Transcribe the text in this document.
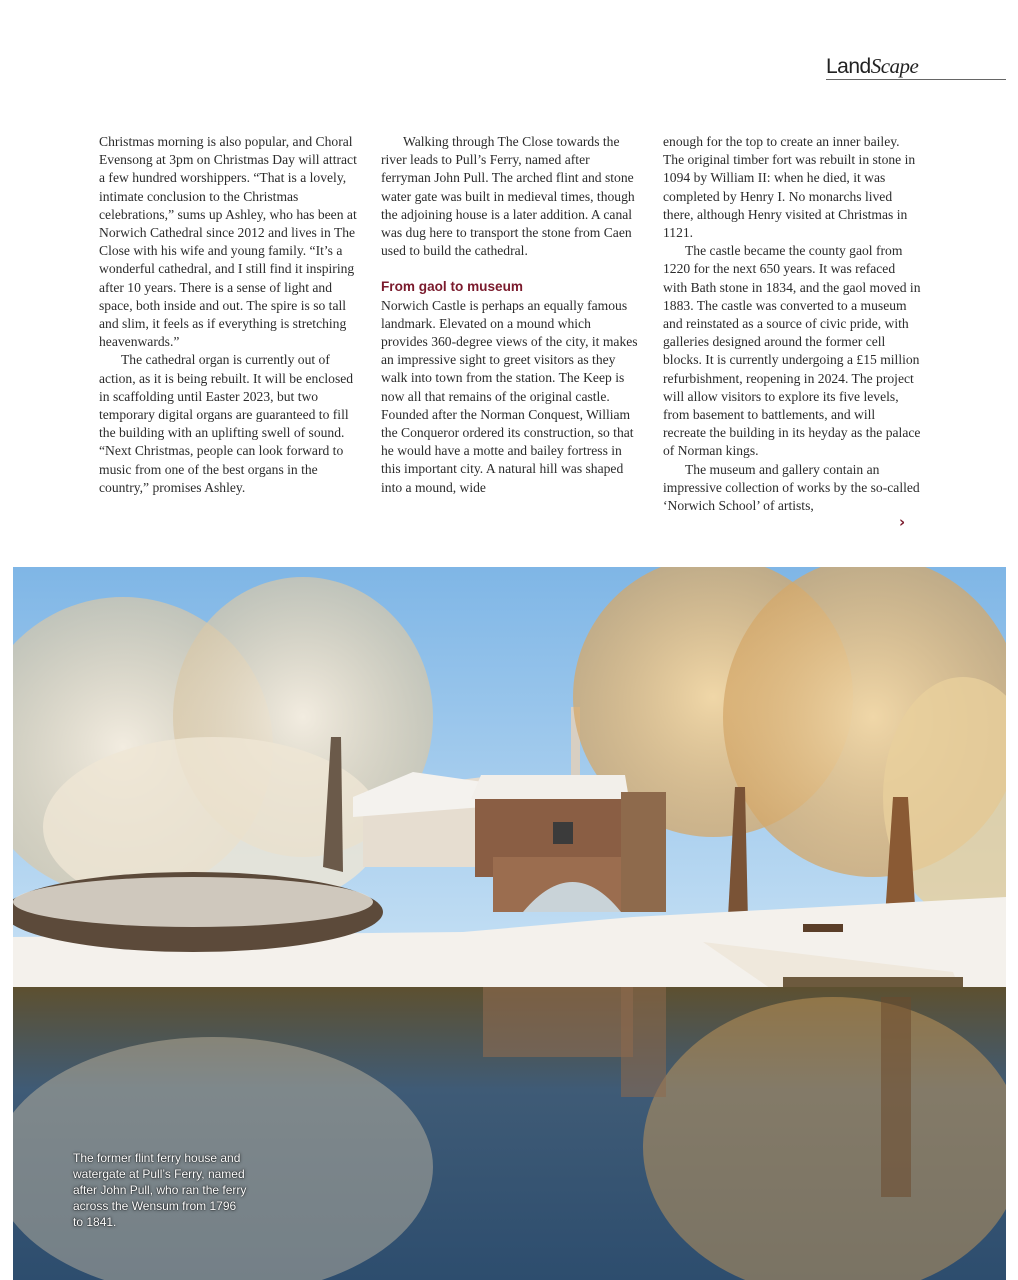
LandScape

Christmas morning is also popular, and Choral Evensong at 3pm on Christmas Day will attract a few hundred worshippers. “That is a lovely, intimate conclusion to the Christmas celebrations,” sums up Ashley, who has been at Norwich Cathedral since 2012 and lives in The Close with his wife and young family. “It’s a wonderful cathedral, and I still find it inspiring after 10 years. There is a sense of light and space, both inside and out. The spire is so tall and slim, it feels as if everything is stretching heavenwards.”

The cathedral organ is currently out of action, as it is being rebuilt. It will be enclosed in scaffolding until Easter 2023, but two temporary digital organs are guaranteed to fill the building with an uplifting swell of sound. “Next Christmas, people can look forward to music from one of the best organs in the country,” promises Ashley.

Walking through The Close towards the river leads to Pull’s Ferry, named after ferryman John Pull. The arched flint and stone water gate was built in medieval times, though the adjoining house is a later addition. A canal was dug here to transport the stone from Caen used to build the cathedral.

From gaol to museum

Norwich Castle is perhaps an equally famous landmark. Elevated on a mound which provides 360-degree views of the city, it makes an impressive sight to greet visitors as they walk into town from the station. The Keep is now all that remains of the original castle. Founded after the Norman Conquest, William the Conqueror ordered its construction, so that he would have a motte and bailey fortress in this important city. A natural hill was shaped into a mound, wide

enough for the top to create an inner bailey. The original timber fort was rebuilt in stone in 1094 by William II: when he died, it was completed by Henry I. No monarchs lived there, although Henry visited at Christmas in 1121.

The castle became the county gaol from 1220 for the next 650 years. It was refaced with Bath stone in 1834, and the gaol moved in 1883. The castle was converted to a museum and reinstated as a source of civic pride, with galleries designed around the former cell blocks. It is currently undergoing a £15 million refurbishment, reopening in 2024. The project will allow visitors to explore its five levels, from basement to battlements, and will recreate the building in its heyday as the palace of Norman kings.

The museum and gallery contain an impressive collection of works by the so-called ‘Norwich School’ of artists,

›
The former flint ferry house and watergate at Pull’s Ferry, named after John Pull, who ran the ferry across the Wensum from 1796 to 1841.
